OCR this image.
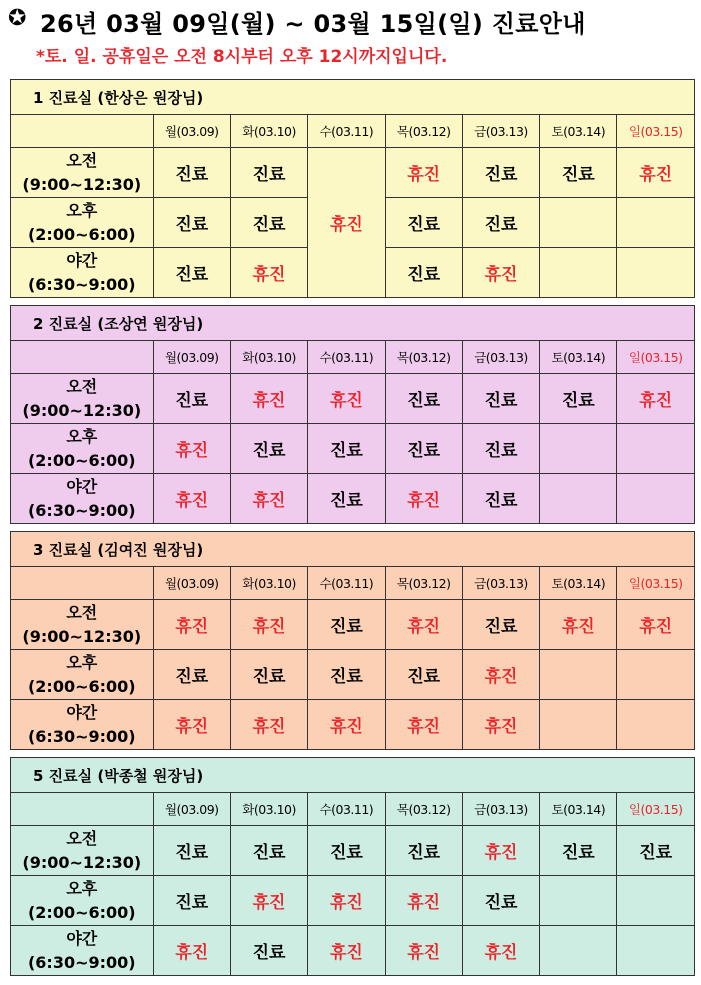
✪ 26년 03월 09일(월) ~ 03월 15일(일) 진료안내
*토. 일. 공휴일은 오전 8시부터 오후 12시까지입니다.
1 진료실 (한상은 원장님)							
	월(03.09)	화(03.10)	수(03.11)	목(03.12)	금(03.13)	토(03.14)	일(03.15)

오전
(9:00~12:30)	진료	진료	휴진	휴진	진료	진료	휴진

오후
(2:00~6:00)	진료	진료		진료	진료		

야간
(6:30~9:00)	진료	휴진		진료	휴진		
2 진료실 (조상연 원장님)							
	월(03.09)	화(03.10)	수(03.11)	목(03.12)	금(03.13)	토(03.14)	일(03.15)

오전
(9:00~12:30)	진료	휴진	휴진	진료	진료	진료	휴진

오후
(2:00~6:00)	휴진	진료	진료	진료	진료		

야간
(6:30~9:00)	휴진	휴진	진료	휴진	진료		
3 진료실 (김여진 원장님)							
	월(03.09)	화(03.10)	수(03.11)	목(03.12)	금(03.13)	토(03.14)	일(03.15)

오전
(9:00~12:30)	휴진	휴진	진료	휴진	진료	휴진	휴진

오후
(2:00~6:00)	진료	진료	진료	진료	휴진		

야간
(6:30~9:00)	휴진	휴진	휴진	휴진	휴진		
5 진료실 (박종철 원장님)							
	월(03.09)	화(03.10)	수(03.11)	목(03.12)	금(03.13)	토(03.14)	일(03.15)

오전
(9:00~12:30)	진료	진료	진료	진료	휴진	진료	진료

오후
(2:00~6:00)	진료	휴진	휴진	휴진	진료		

야간
(6:30~9:00)	휴진	진료	휴진	휴진	휴진		
